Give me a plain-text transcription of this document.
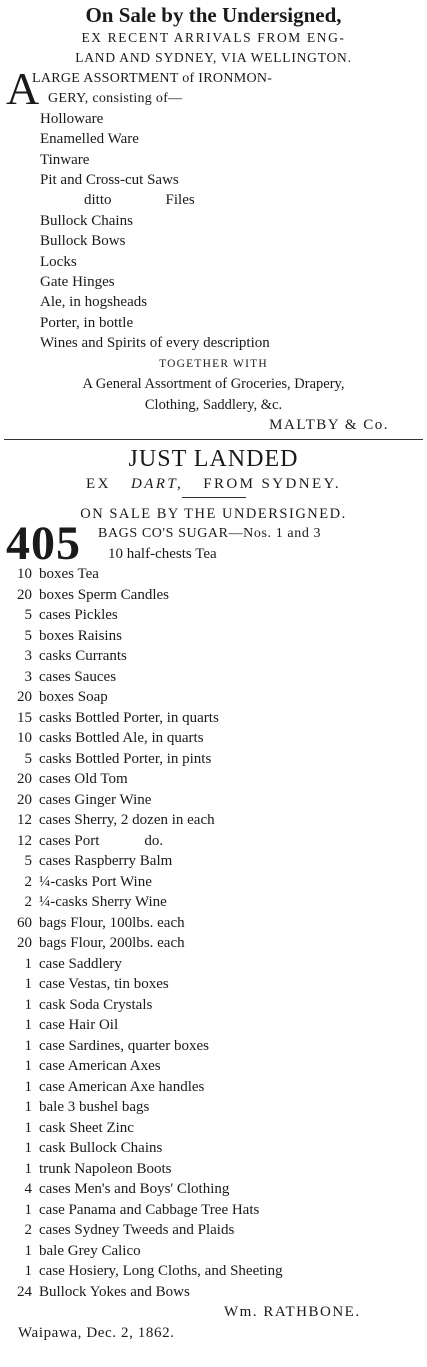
On Sale by the Undersigned,
EX RECENT ARRIVALS FROM ENG-
LAND AND SYDNEY, VIA WELLINGTON.
A
LARGE ASSORTMENT of IRONMON-
GERY, consisting of—
Holloware
Enamelled Ware
Tinware
Pit and Cross-cut Saws
ditto	Files
Bullock Chains
Bullock Bows
Locks
Gate Hinges
Ale, in hogsheads
Porter, in bottle
Wines and Spirits of every description
TOGETHER WITH
A General Assortment of Groceries, Drapery,
Clothing, Saddlery, &c.
MALTBY & Co.
JUST LANDED
EX DART, FROM SYDNEY.
ON SALE BY THE UNDERSIGNED.
405 BAGS CO'S SUGAR—Nos. 1 and 3
10 half-chests Tea
10 boxes Tea
20 boxes Sperm Candles
5 cases Pickles
5 boxes Raisins
3 casks Currants
3 cases Sauces
20 boxes Soap
15 casks Bottled Porter, in quarts
10 casks Bottled Ale, in quarts
5 casks Bottled Porter, in pints
20 cases Old Tom
20 cases Ginger Wine
12 cases Sherry, 2 dozen in each
12 cases Port            do.
5 cases Raspberry Balm
2 ¼-casks Port Wine
2 ¼-casks Sherry Wine
60 bags Flour, 100lbs. each
20 bags Flour, 200lbs. each
1 case Saddlery
1 case Vestas, tin boxes
1 cask Soda Crystals
1 case Hair Oil
1 case Sardines, quarter boxes
1 case American Axes
1 case American Axe handles
1 bale 3 bushel bags
1 cask Sheet Zinc
1 cask Bullock Chains
1 trunk Napoleon Boots
4 cases Men's and Boys' Clothing
1 case Panama and Cabbage Tree Hats
2 cases Sydney Tweeds and Plaids
1 bale Grey Calico
1 case Hosiery, Long Cloths, and Sheeting
24 Bullock Yokes and Bows
Wm. RATHBONE.
Waipawa, Dec. 2, 1862.
